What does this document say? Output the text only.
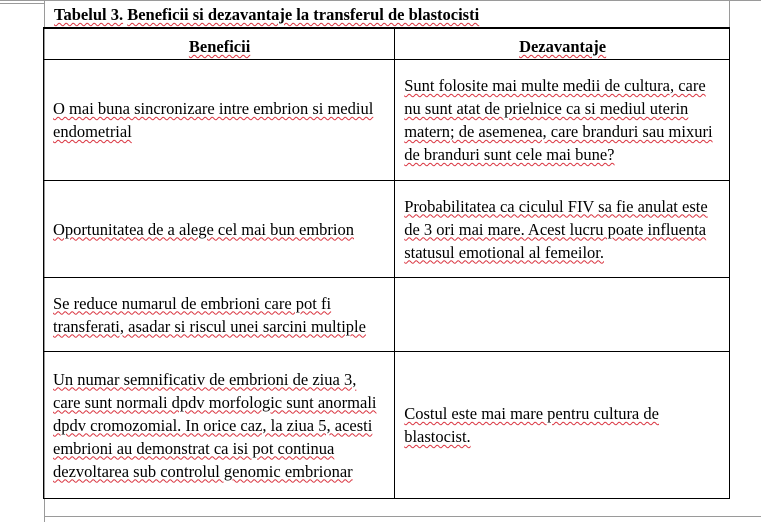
Tabelul 3. Beneficii si dezavantaje la transferul de blastocisti
Beneficii	Dezavantaje
O mai buna sincronizare intre embrion si mediul endometrial	Sunt folosite mai multe medii de cultura, care nu sunt atat de prielnice ca si mediul uterin matern; de asemenea, care branduri sau mixuri de branduri sunt cele mai bune?
Oportunitatea de a alege cel mai bun embrion	Probabilitatea ca ciculul FIV sa fie anulat este de 3 ori mai mare. Acest lucru poate influenta statusul emotional al femeilor.
Se reduce numarul de embrioni care pot fi transferati, asadar si riscul unei sarcini multiple	
Un numar semnificativ de embrioni de ziua 3, care sunt normali dpdv morfologic sunt anormali dpdv cromozomial. In orice caz, la ziua 5, acesti embrioni au demonstrat ca isi pot continua dezvoltarea sub controlul genomic embrionar	Costul este mai mare pentru cultura de blastocist.
